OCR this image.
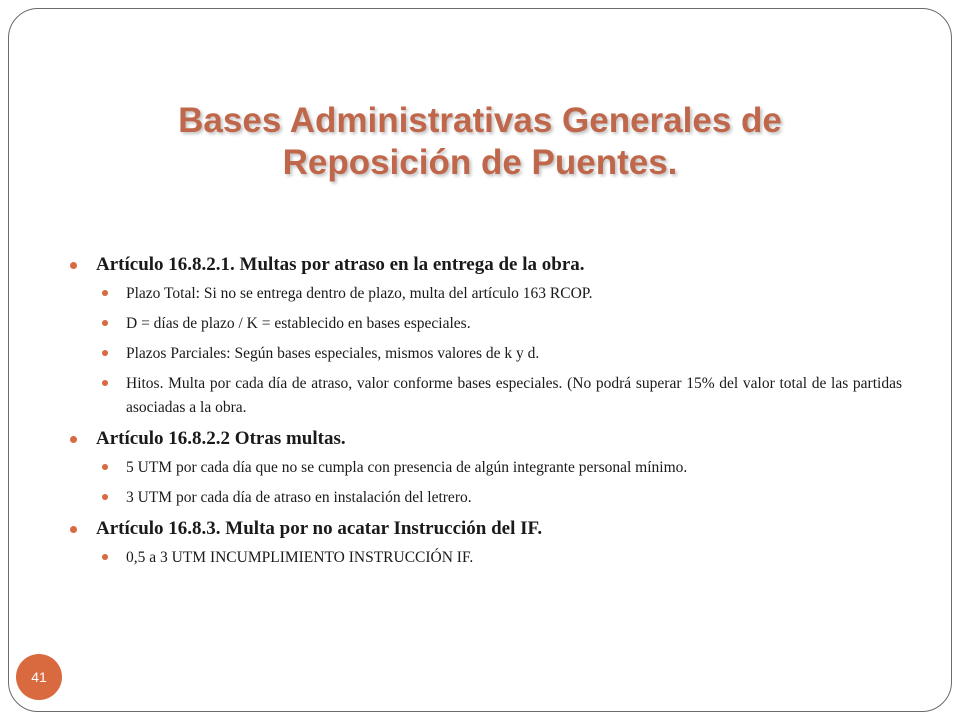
Bases Administrativas Generales de
Reposición de Puentes.
Artículo 16.8.2.1. Multas por atraso en la entrega de la obra.
Plazo Total: Si no se entrega dentro de plazo, multa del artículo 163 RCOP.
D = días de plazo / K = establecido en bases especiales.
Plazos Parciales: Según bases especiales, mismos valores de k y d.
Hitos. Multa por cada día de atraso, valor conforme bases especiales. (No podrá superar 15% del valor total de las partidas asociadas a la obra.
Artículo 16.8.2.2 Otras multas.
5 UTM por cada día que no se cumpla con presencia de algún integrante personal mínimo.
3 UTM por cada día de atraso en instalación del letrero.
Artículo 16.8.3. Multa por no acatar Instrucción del IF.
0,5 a 3 UTM INCUMPLIMIENTO INSTRUCCIÓN IF.
41
